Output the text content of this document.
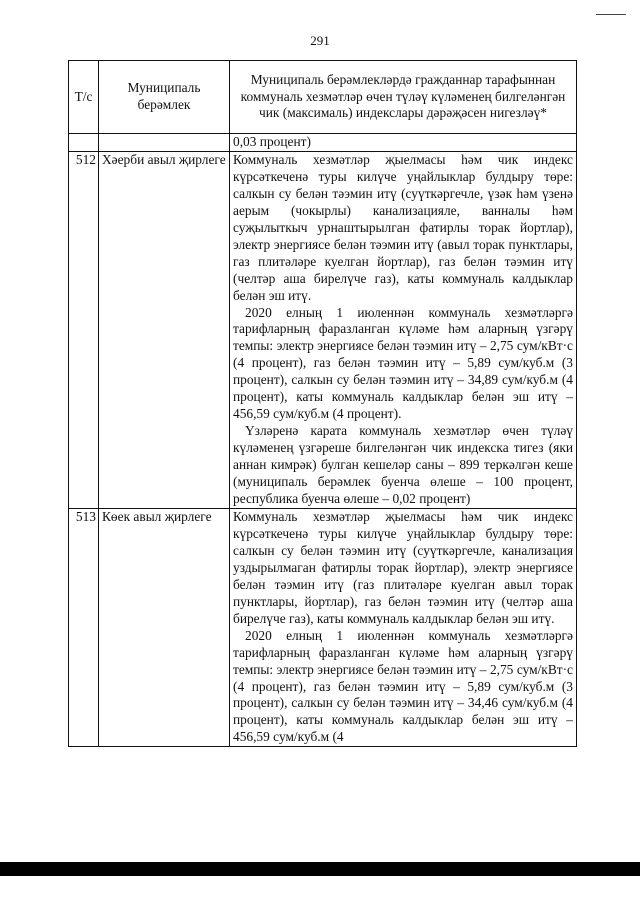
291
Т/с	Муниципаль берәмлек	Муниципаль берәмлекләрдә гражданнар тарафыннан коммуналь хезмәтләр өчен түләү күләменең билгеләнгән чик (максималь) индекслары дәрәҗәсен нигезләү*
		0,03 процент)
512	Хәерби авыл җирлеге	Коммуналь хезмәтләр җыелмасы һәм чик индекс күрсәткеченә туры килүче уңайлыклар булдыру төре: салкын су белән тәэмин итү (суүткәргечле, үзәк һәм үзенә аерым (чокырлы) канализацияле, ванналы һәм суҗылыткыч урнаштырылган фатирлы торак йортлар), электр энергиясе белән тәэмин итү (авыл торак пунктлары, газ плитәләре куелган йортлар), газ белән тәэмин итү (челтәр аша бирелүче газ), каты коммуналь калдыклар белән эш итү.
2020 елның 1 июленнән коммуналь хезмәтләргә тарифларның фаразланган күләме һәм аларның үзгәрү темпы: электр энергиясе белән тәэмин итү – 2,75 сум/кВт·с (4 процент), газ белән тәэмин итү – 5,89 сум/куб.м (3 процент), салкын су белән тәэмин итү – 34,89 сум/куб.м (4 процент), каты коммуналь калдыклар белән эш итү – 456,59 сум/куб.м (4 процент).
Үзләренә карата коммуналь хезмәтләр өчен түләү күләменең үзгәреше билгеләнгән чик индекска тигез (яки аннан кимрәк) булган кешеләр саны – 899 теркәлгән кеше (муниципаль берәмлек буенча өлеше – 100 процент, республика буенча өлеше – 0,02 процент)

513	Көек авыл җирлеге	Коммуналь хезмәтләр җыелмасы һәм чик индекс күрсәткеченә туры килүче уңайлыклар булдыру төре: салкын су белән тәэмин итү (суүткәргечле, канализация уздырылмаган фатирлы торак йортлар), электр энергиясе белән тәэмин итү (газ плитәләре куелган авыл торак пунктлары, йортлар), газ белән тәэмин итү (челтәр аша бирелүче газ), каты коммуналь калдыклар белән эш итү.
2020 елның 1 июленнән коммуналь хезмәтләргә тарифларның фаразланган күләме һәм аларның үзгәрү темпы: электр энергиясе белән тәэмин итү – 2,75 сум/кВт·с (4 процент), газ белән тәэмин итү – 5,89 сум/куб.м (3 процент), салкын су белән тәэмин итү – 34,46 сум/куб.м (4 процент), каты коммуналь калдыклар белән эш итү – 456,59 сум/куб.м (4
